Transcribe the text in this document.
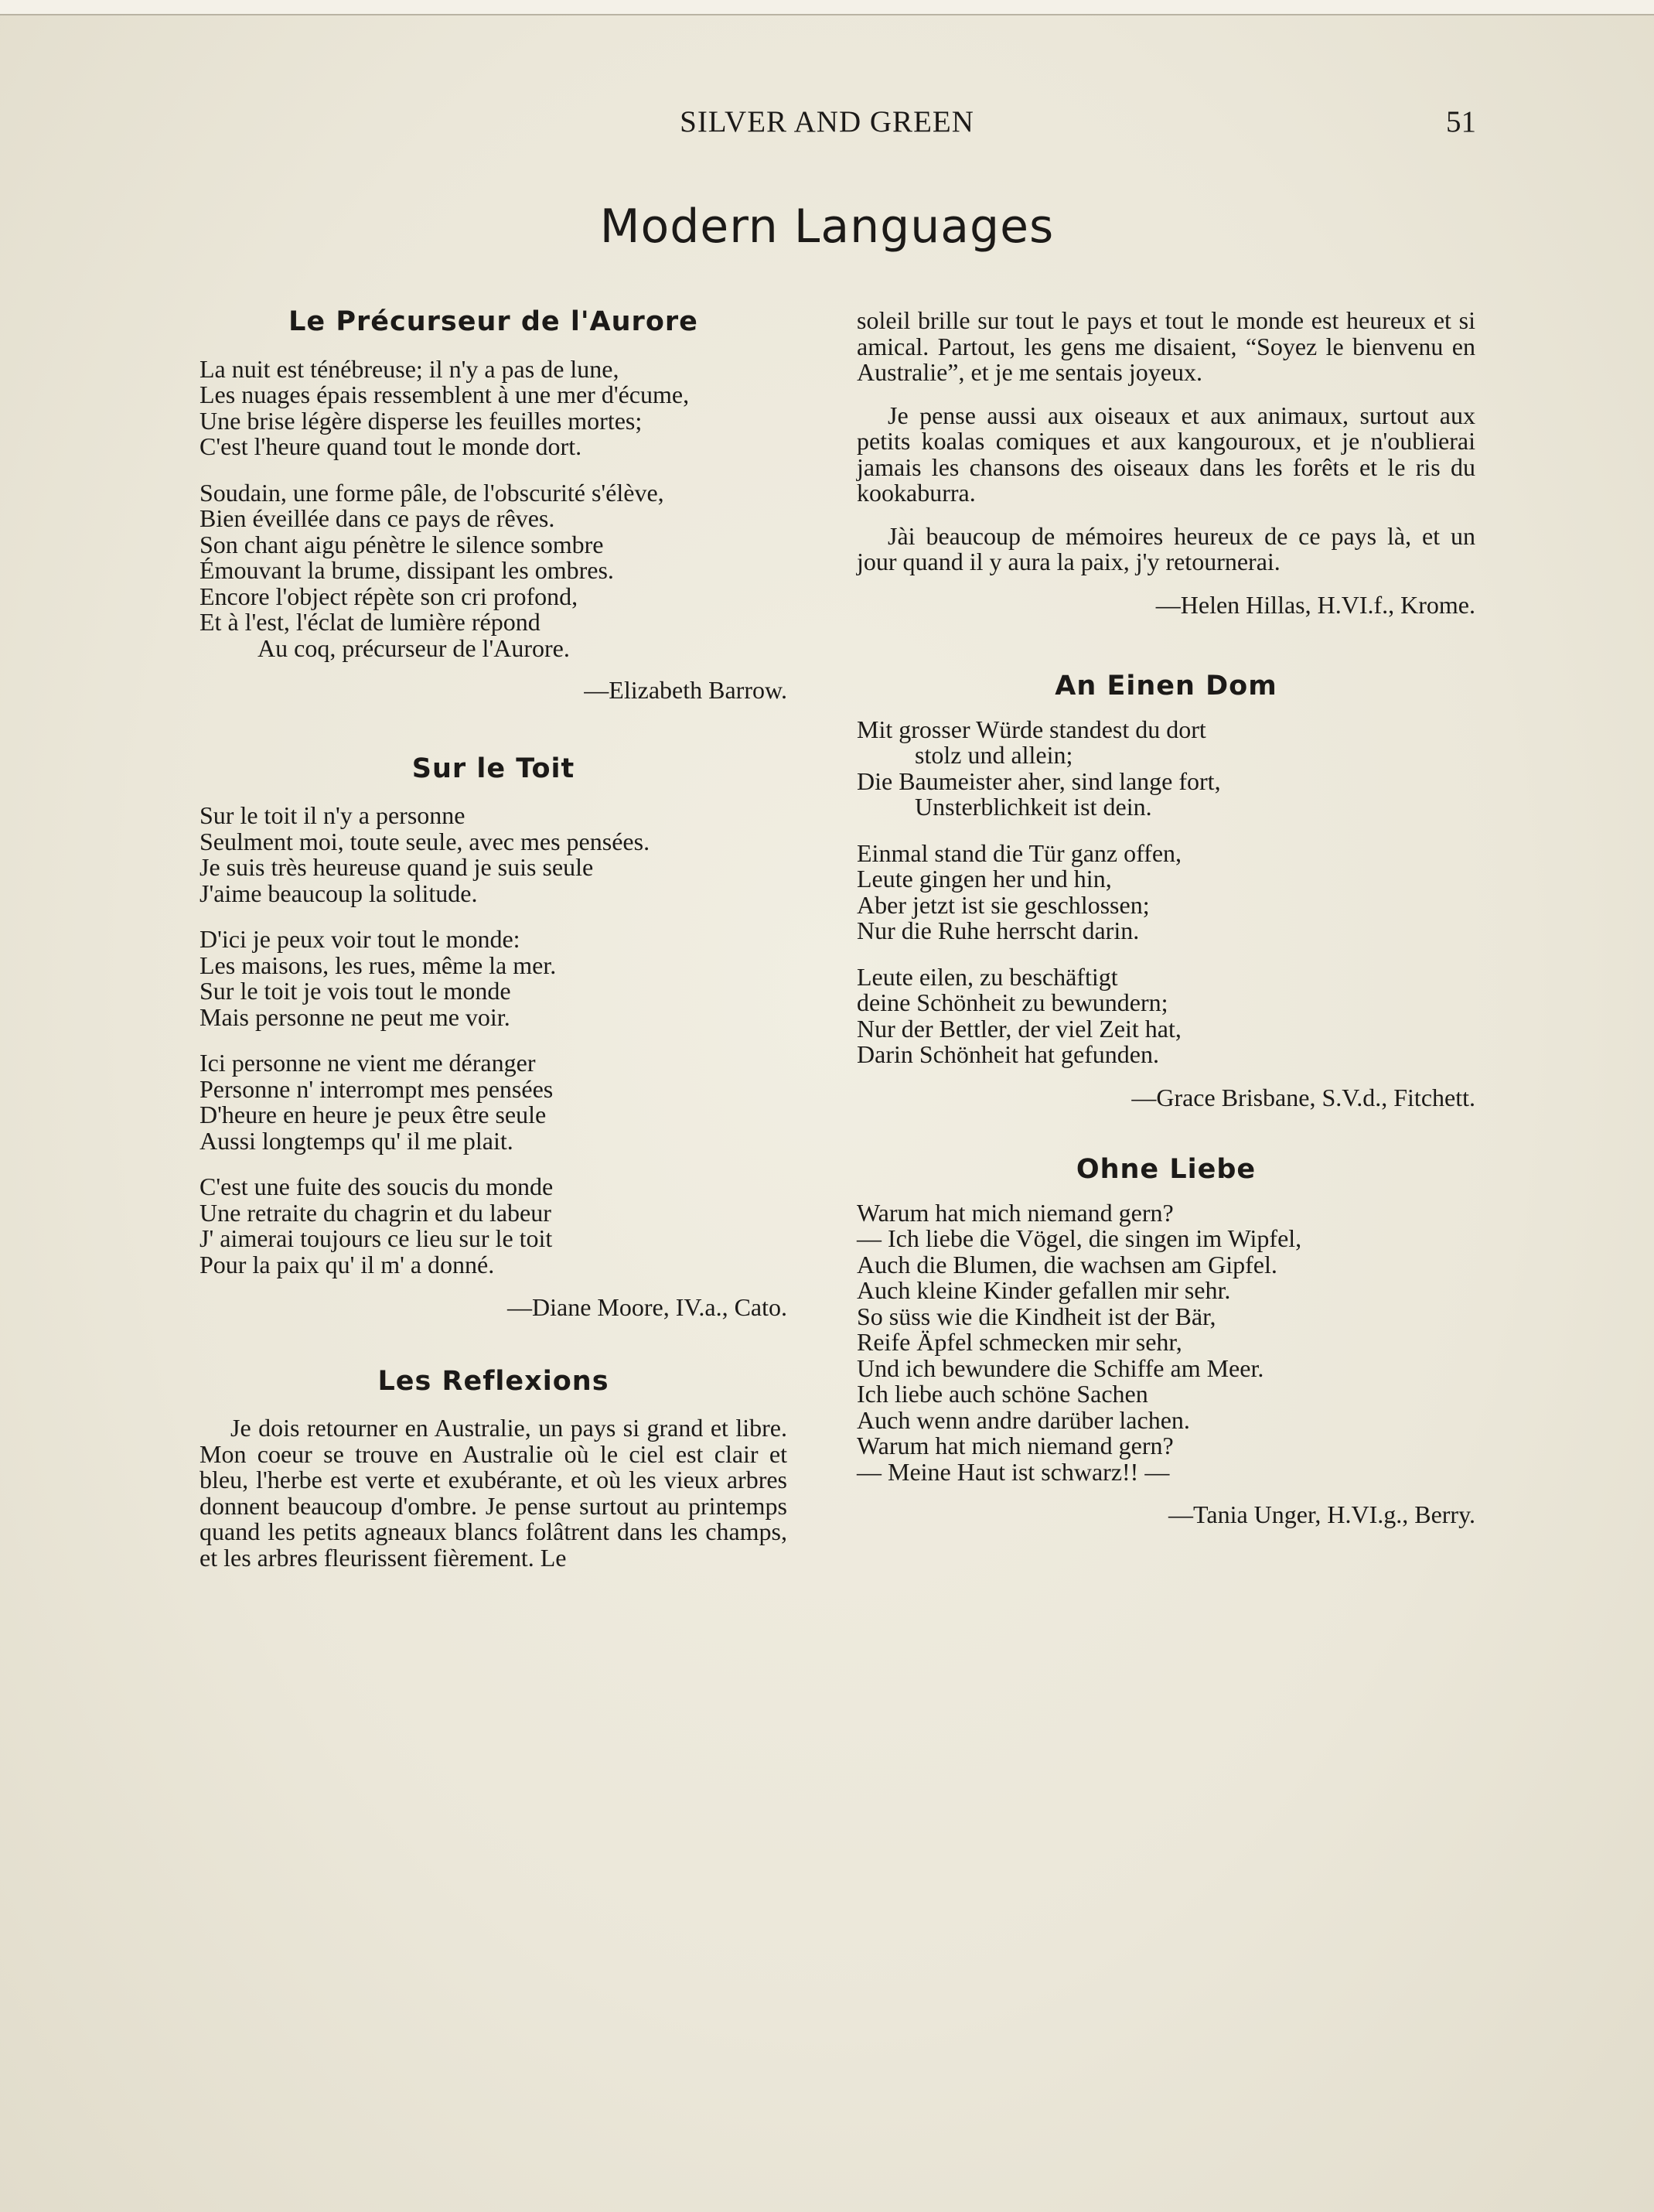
SILVER AND GREEN	51
Modern Languages
Le Précurseur de l'Aurore
La nuit est ténébreuse; il n'y a pas de lune,
Les nuages épais ressemblent à une mer d'écume,
Une brise légère disperse les feuilles mortes;
C'est l'heure quand tout le monde dort.
Soudain, une forme pâle, de l'obscurité s'élève,
Bien éveillée dans ce pays de rêves.
Son chant aigu pénètre le silence sombre
Émouvant la brume, dissipant les ombres.
Encore l'object répète son cri profond,
Et à l'est, l'éclat de lumière répond
Au coq, précurseur de l'Aurore.
—Elizabeth Barrow.
Sur le Toit
Sur le toit il n'y a personne
Seulment moi, toute seule, avec mes pensées.
Je suis très heureuse quand je suis seule
J'aime beaucoup la solitude.
D'ici je peux voir tout le monde:
Les maisons, les rues, même la mer.
Sur le toit je vois tout le monde
Mais personne ne peut me voir.
Ici personne ne vient me déranger
Personne n' interrompt mes pensées
D'heure en heure je peux être seule
Aussi longtemps qu' il me plait.
C'est une fuite des soucis du monde
Une retraite du chagrin et du labeur
J' aimerai toujours ce lieu sur le toit
Pour la paix qu' il m' a donné.
—Diane Moore, IV.a., Cato.
Les Reflexions

Je dois retourner en Australie, un pays si grand et libre. Mon coeur se trouve en Australie où le ciel est clair et bleu, l'herbe est verte et exubérante, et où les vieux arbres donnent beaucoup d'ombre. Je pense surtout au printemps quand les petits agneaux blancs folâtrent dans les champs, et les arbres fleurissent fièrement. Le

soleil brille sur tout le pays et tout le monde est heureux et si amical. Partout, les gens me disaient, “Soyez le bienvenu en Australie”, et je me sentais joyeux.

Je pense aussi aux oiseaux et aux animaux, surtout aux petits koalas comiques et aux kangouroux, et je n'oublierai jamais les chansons des oiseaux dans les forêts et le ris du kookaburra.

Jài beaucoup de mémoires heureux de ce pays là, et un jour quand il y aura la paix, j'y retournerai.

—Helen Hillas, H.VI.f., Krome.
An Einen Dom
Mit grosser Würde standest du dort
stolz und allein;
Die Baumeister aher, sind lange fort,
Unsterblichkeit ist dein.
Einmal stand die Tür ganz offen,
Leute gingen her und hin,
Aber jetzt ist sie geschlossen;
Nur die Ruhe herrscht darin.
Leute eilen, zu beschäftigt
deine Schönheit zu bewundern;
Nur der Bettler, der viel Zeit hat,
Darin Schönheit hat gefunden.
—Grace Brisbane, S.V.d., Fitchett.
Ohne Liebe
Warum hat mich niemand gern?
— Ich liebe die Vögel, die singen im Wipfel,
Auch die Blumen, die wachsen am Gipfel.
Auch kleine Kinder gefallen mir sehr.
So süss wie die Kindheit ist der Bär,
Reife Äpfel schmecken mir sehr,
Und ich bewundere die Schiffe am Meer.
Ich liebe auch schöne Sachen
Auch wenn andre darüber lachen.
Warum hat mich niemand gern?
— Meine Haut ist schwarz!! —
—Tania Unger, H.VI.g., Berry.
